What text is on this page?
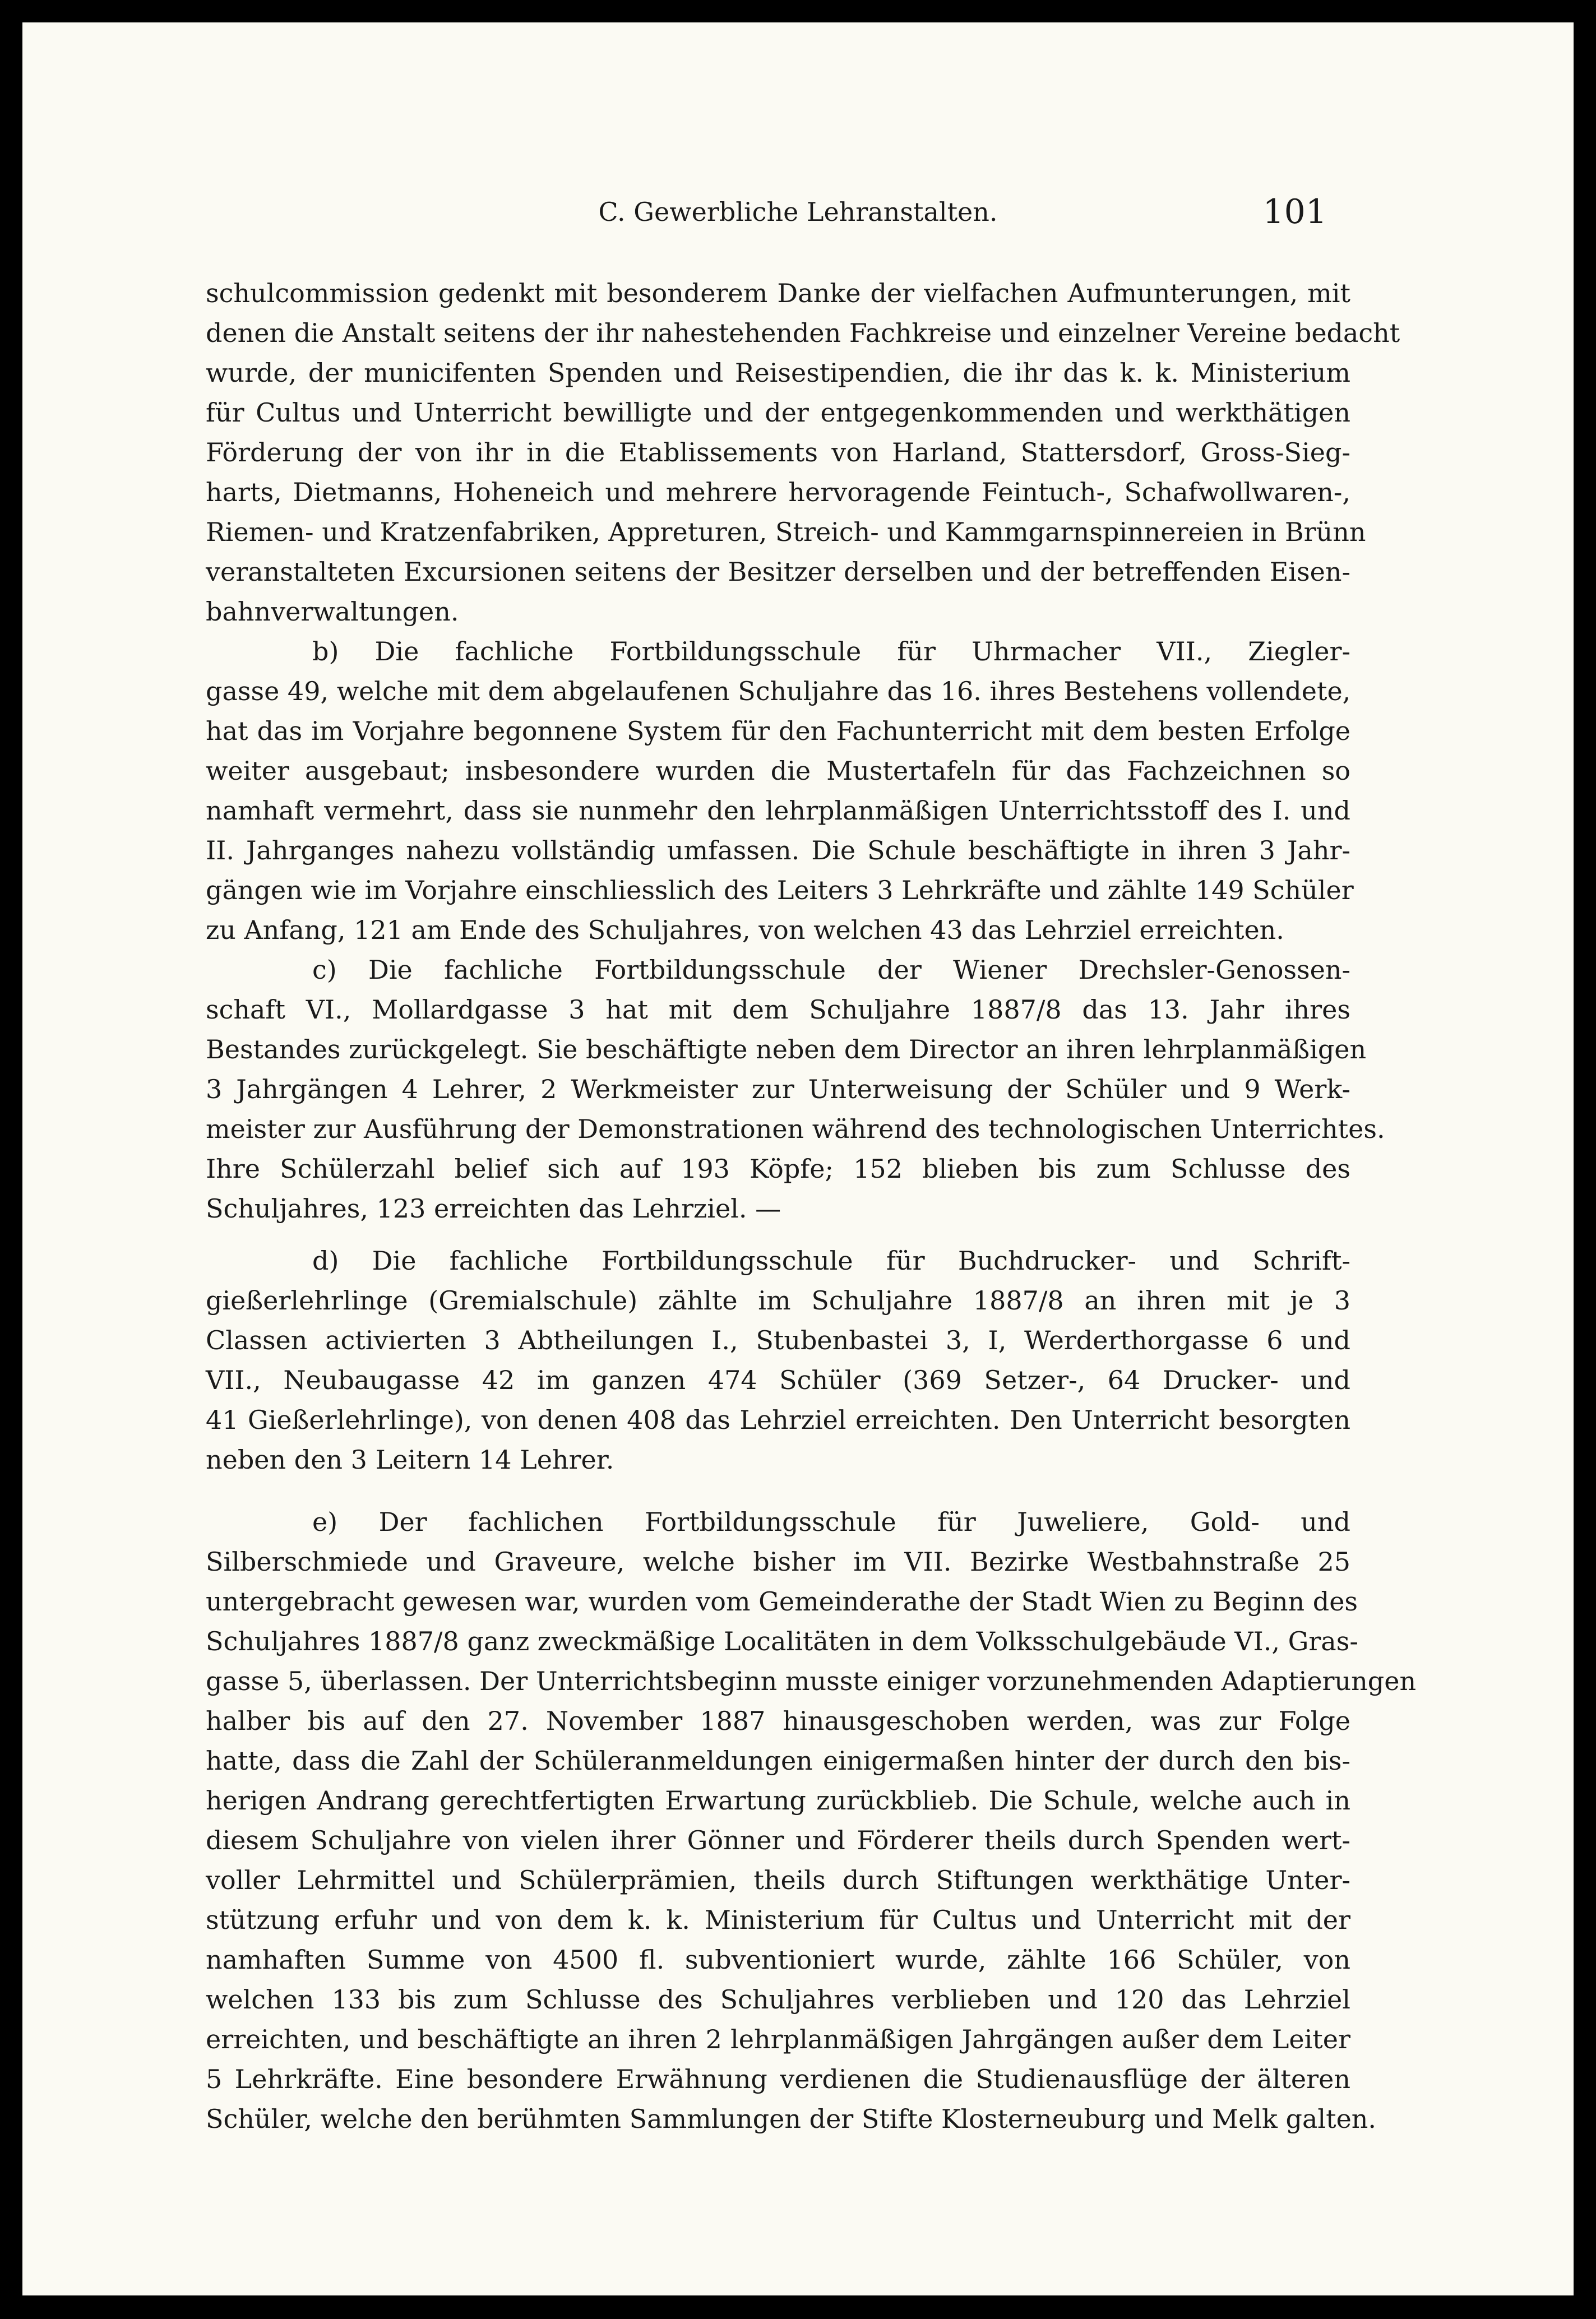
C. Gewerbliche Lehranstalten.	101
schulcommission gedenkt mit besonderem Danke der vielfachen Aufmunterungen, mit
denen die Anstalt seitens der ihr nahestehenden Fachkreise und einzelner Vereine bedacht
wurde, der municifenten Spenden und Reisestipendien, die ihr das k. k. Ministerium
für Cultus und Unterricht bewilligte und der entgegenkommenden und werkthätigen
Förderung der von ihr in die Etablissements von Harland, Stattersdorf, Gross-Sieg-
harts, Dietmanns, Hoheneich und mehrere hervoragende Feintuch-, Schafwollwaren-,
Riemen- und Kratzenfabriken, Appreturen, Streich- und Kammgarnspinnereien in Brünn
veranstalteten Excursionen seitens der Besitzer derselben und der betreffenden Eisen-
bahnverwaltungen.
b) Die fachliche Fortbildungsschule für Uhrmacher VII., Ziegler-
gasse 49, welche mit dem abgelaufenen Schuljahre das 16. ihres Bestehens vollendete,
hat das im Vorjahre begonnene System für den Fachunterricht mit dem besten Erfolge
weiter ausgebaut; insbesondere wurden die Mustertafeln für das Fachzeichnen so
namhaft vermehrt, dass sie nunmehr den lehrplanmäßigen Unterrichtsstoff des I. und
II. Jahrganges nahezu vollständig umfassen. Die Schule beschäftigte in ihren 3 Jahr-
gängen wie im Vorjahre einschliesslich des Leiters 3 Lehrkräfte und zählte 149 Schüler
zu Anfang, 121 am Ende des Schuljahres, von welchen 43 das Lehrziel erreichten.
c) Die fachliche Fortbildungsschule der Wiener Drechsler-Genossen-
schaft VI., Mollardgasse 3 hat mit dem Schuljahre 1887/8 das 13. Jahr ihres
Bestandes zurückgelegt. Sie beschäftigte neben dem Director an ihren lehrplanmäßigen
3 Jahrgängen 4 Lehrer, 2 Werkmeister zur Unterweisung der Schüler und 9 Werk-
meister zur Ausführung der Demonstrationen während des technologischen Unterrichtes.
Ihre Schülerzahl belief sich auf 193 Köpfe; 152 blieben bis zum Schlusse des
Schuljahres, 123 erreichten das Lehrziel. —
d) Die fachliche Fortbildungsschule für Buchdrucker- und Schrift-
gießerlehrlinge (Gremialschule) zählte im Schuljahre 1887/8 an ihren mit je 3
Classen activierten 3 Abtheilungen I., Stubenbastei 3, I, Werderthorgasse 6 und
VII., Neubaugasse 42 im ganzen 474 Schüler (369 Setzer-, 64 Drucker- und
41 Gießerlehrlinge), von denen 408 das Lehrziel erreichten. Den Unterricht besorgten
neben den 3 Leitern 14 Lehrer.
e) Der fachlichen Fortbildungsschule für Juweliere, Gold- und
Silberschmiede und Graveure, welche bisher im VII. Bezirke Westbahnstraße 25
untergebracht gewesen war, wurden vom Gemeinderathe der Stadt Wien zu Beginn des
Schuljahres 1887/8 ganz zweckmäßige Localitäten in dem Volksschulgebäude VI., Gras-
gasse 5, überlassen. Der Unterrichtsbeginn musste einiger vorzunehmenden Adaptierungen
halber bis auf den 27. November 1887 hinausgeschoben werden, was zur Folge
hatte, dass die Zahl der Schüleranmeldungen einigermaßen hinter der durch den bis-
herigen Andrang gerechtfertigten Erwartung zurückblieb. Die Schule, welche auch in
diesem Schuljahre von vielen ihrer Gönner und Förderer theils durch Spenden wert-
voller Lehrmittel und Schülerprämien, theils durch Stiftungen werkthätige Unter-
stützung erfuhr und von dem k. k. Ministerium für Cultus und Unterricht mit der
namhaften Summe von 4500 fl. subventioniert wurde, zählte 166 Schüler, von
welchen 133 bis zum Schlusse des Schuljahres verblieben und 120 das Lehrziel
erreichten, und beschäftigte an ihren 2 lehrplanmäßigen Jahrgängen außer dem Leiter
5 Lehrkräfte. Eine besondere Erwähnung verdienen die Studienausflüge der älteren
Schüler, welche den berühmten Sammlungen der Stifte Klosterneuburg und Melk galten.
